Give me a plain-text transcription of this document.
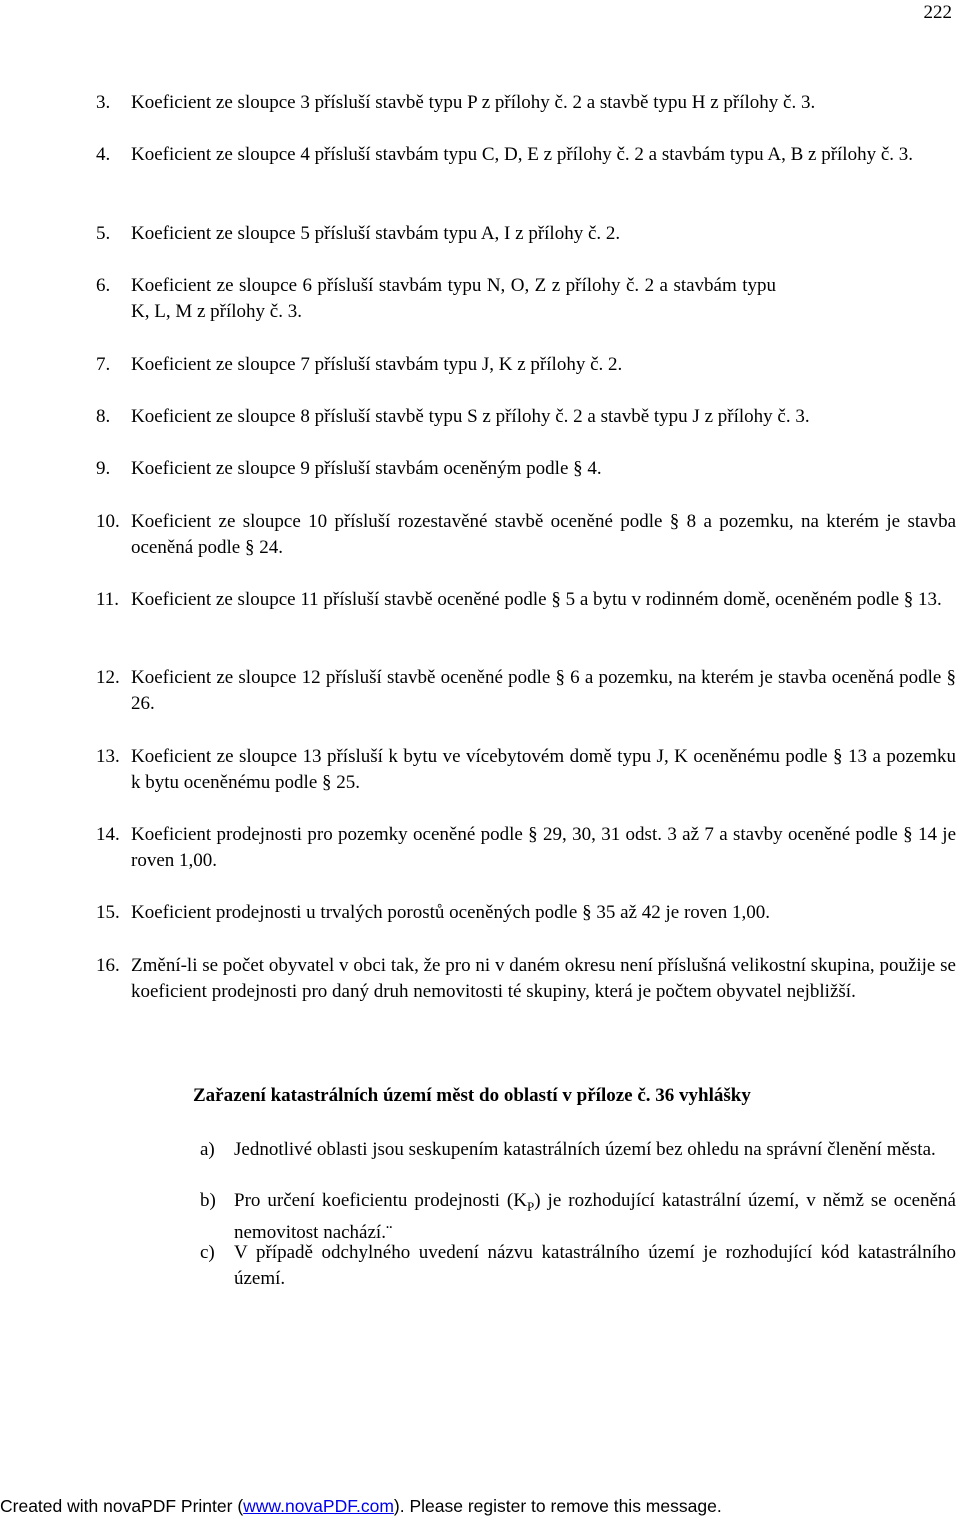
222
3. Koeficient ze sloupce 3 přísluší stavbě typu P z přílohy č. 2 a stavbě typu H z přílohy č. 3.
4. Koeficient ze sloupce 4 přísluší stavbám typu C, D, E z přílohy č. 2 a stavbám typu A, B z přílohy č. 3.
5. Koeficient ze sloupce 5 přísluší stavbám typu A, I z přílohy č. 2.
6. Koeficient ze sloupce 6 přísluší stavbám typu N, O, Z z přílohy č. 2 a stavbám typu K, L, M z přílohy č. 3.
7. Koeficient ze sloupce 7 přísluší stavbám typu J, K z přílohy č. 2.
8. Koeficient ze sloupce 8 přísluší stavbě typu S z přílohy č. 2 a stavbě typu J z přílohy č. 3.
9. Koeficient ze sloupce 9 přísluší stavbám oceněným podle § 4.
10. Koeficient ze sloupce 10 přísluší rozestavěné stavbě oceněné podle § 8 a pozemku, na kterém je stavba oceněná podle § 24.
11. Koeficient ze sloupce 11 přísluší stavbě oceněné podle § 5 a bytu v rodinném domě, oceněném podle § 13.
12. Koeficient ze sloupce 12 přísluší stavbě oceněné podle § 6 a pozemku, na kterém je stavba oceněná podle § 26.
13. Koeficient ze sloupce 13 přísluší k bytu ve vícebytovém domě typu J, K oceněnému podle § 13 a pozemku k bytu oceněnému podle § 25.
14. Koeficient prodejnosti pro pozemky oceněné podle § 29, 30, 31 odst. 3 až 7 a stavby oceněné podle § 14 je roven 1,00.
15. Koeficient prodejnosti u trvalých porostů oceněných podle § 35 až 42 je roven 1,00.
16. Změní-li se počet obyvatel v obci tak, že pro ni v daném okresu není příslušná velikostní skupina, použije se koeficient prodejnosti pro daný druh nemovitosti té skupiny, která je počtem obyvatel nejbližší.
Zařazení katastrálních území měst do oblastí v příloze č. 36 vyhlášky
a) Jednotlivé oblasti jsou seskupením katastrálních území bez ohledu na správní členění města.
b) Pro určení koeficientu prodejnosti $(K_P)$ je rozhodující katastrální území, v němž se oceněná nemovitost nachází.¨
c) V případě odchylného uvedení názvu katastrálního území je rozhodující kód katastrálního území.
Created with novaPDF Printer (www.novaPDF.com). Please register to remove this message.
